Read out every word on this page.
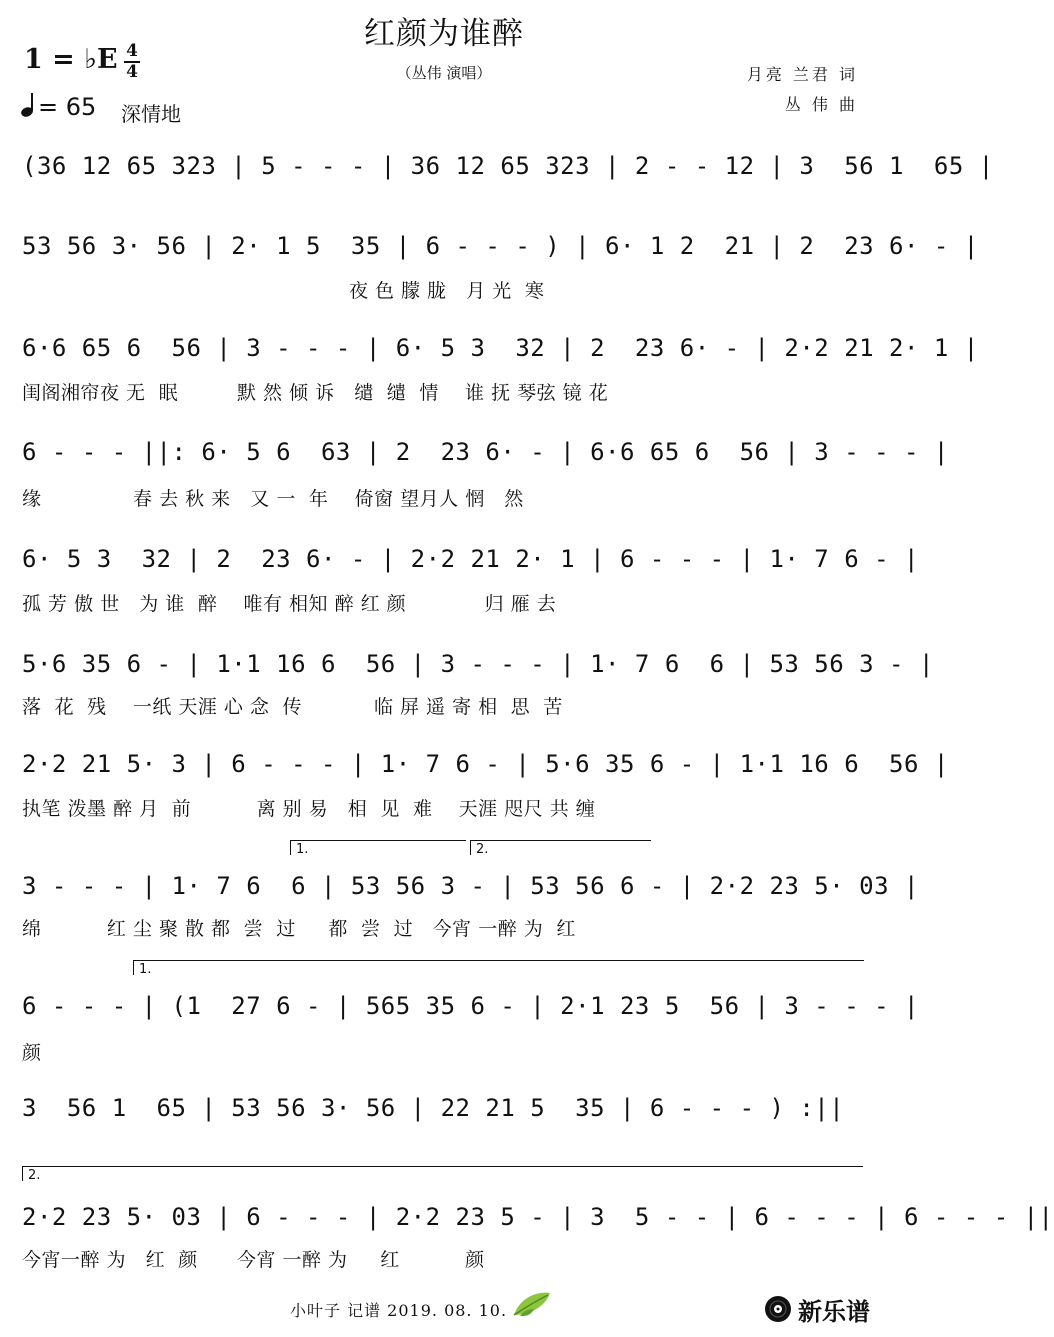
红颜为谁醉
（丛伟 演唱）
1 = ♭E 4
4
= 65 深情地
月亮 兰君 词
丛 伟 曲
(36 12 65 323 | 5 - - - | 36 12 65 323 | 2 - - 12 | 3  56 1  65 |
53 56 3· 56 | 2· 1 5  35 | 6 - - - ) | 6· 1 2  21 | 2  23 6· - |
夜 色 朦 胧   月 光  寒
6·6 65 6  56 | 3 - - - | 6· 5 3  32 | 2  23 6· - | 2·2 21 2· 1 |
闺阁湘帘夜 无  眠         默 然 倾 诉   缱  缱  情    谁 抚 琴弦 镜 花
6 - - - ||: 6· 5 6  63 | 2  23 6· - | 6·6 65 6  56 | 3 - - - |
缘              春 去 秋 来   又 一  年    倚窗 望月人 惘   然
6· 5 3  32 | 2  23 6· - | 2·2 21 2· 1 | 6 - - - | 1· 7 6 - |
孤 芳 傲 世   为 谁  醉    唯有 相知 醉 红 颜            归 雁 去
5·6 35 6 - | 1·1 16 6  56 | 3 - - - | 1· 7 6  6 | 53 56 3 - |
落  花  残    一纸 天涯 心 念  传           临 屏 遥 寄 相  思  苦
2·2 21 5· 3 | 6 - - - | 1· 7 6 - | 5·6 35 6 - | 1·1 16 6  56 |
执笔 泼墨 醉 月  前          离 别 易   相  见  难    天涯 咫尺 共 缠
1.	2.
3 - - - | 1· 7 6  6 | 53 56 3 - | 53 56 6 - | 2·2 23 5· 03 |
绵          红 尘 聚 散 都  尝  过     都  尝  过   今宵 一醉 为  红
1.
6 - - - | (1  27 6 - | 565 35 6 - | 2·1 23 5  56 | 3 - - - |
颜
3  56 1  65 | 53 56 3· 56 | 22 21 5  35 | 6 - - - ) :||
2.
2·2 23 5· 03 | 6 - - - | 2·2 23 5 - | 3  5 - - | 6 - - - | 6 - - - ||
今宵一醉 为   红  颜      今宵 一醉 为     红          颜
小叶子 记谱 2019. 08. 10.	新乐谱
